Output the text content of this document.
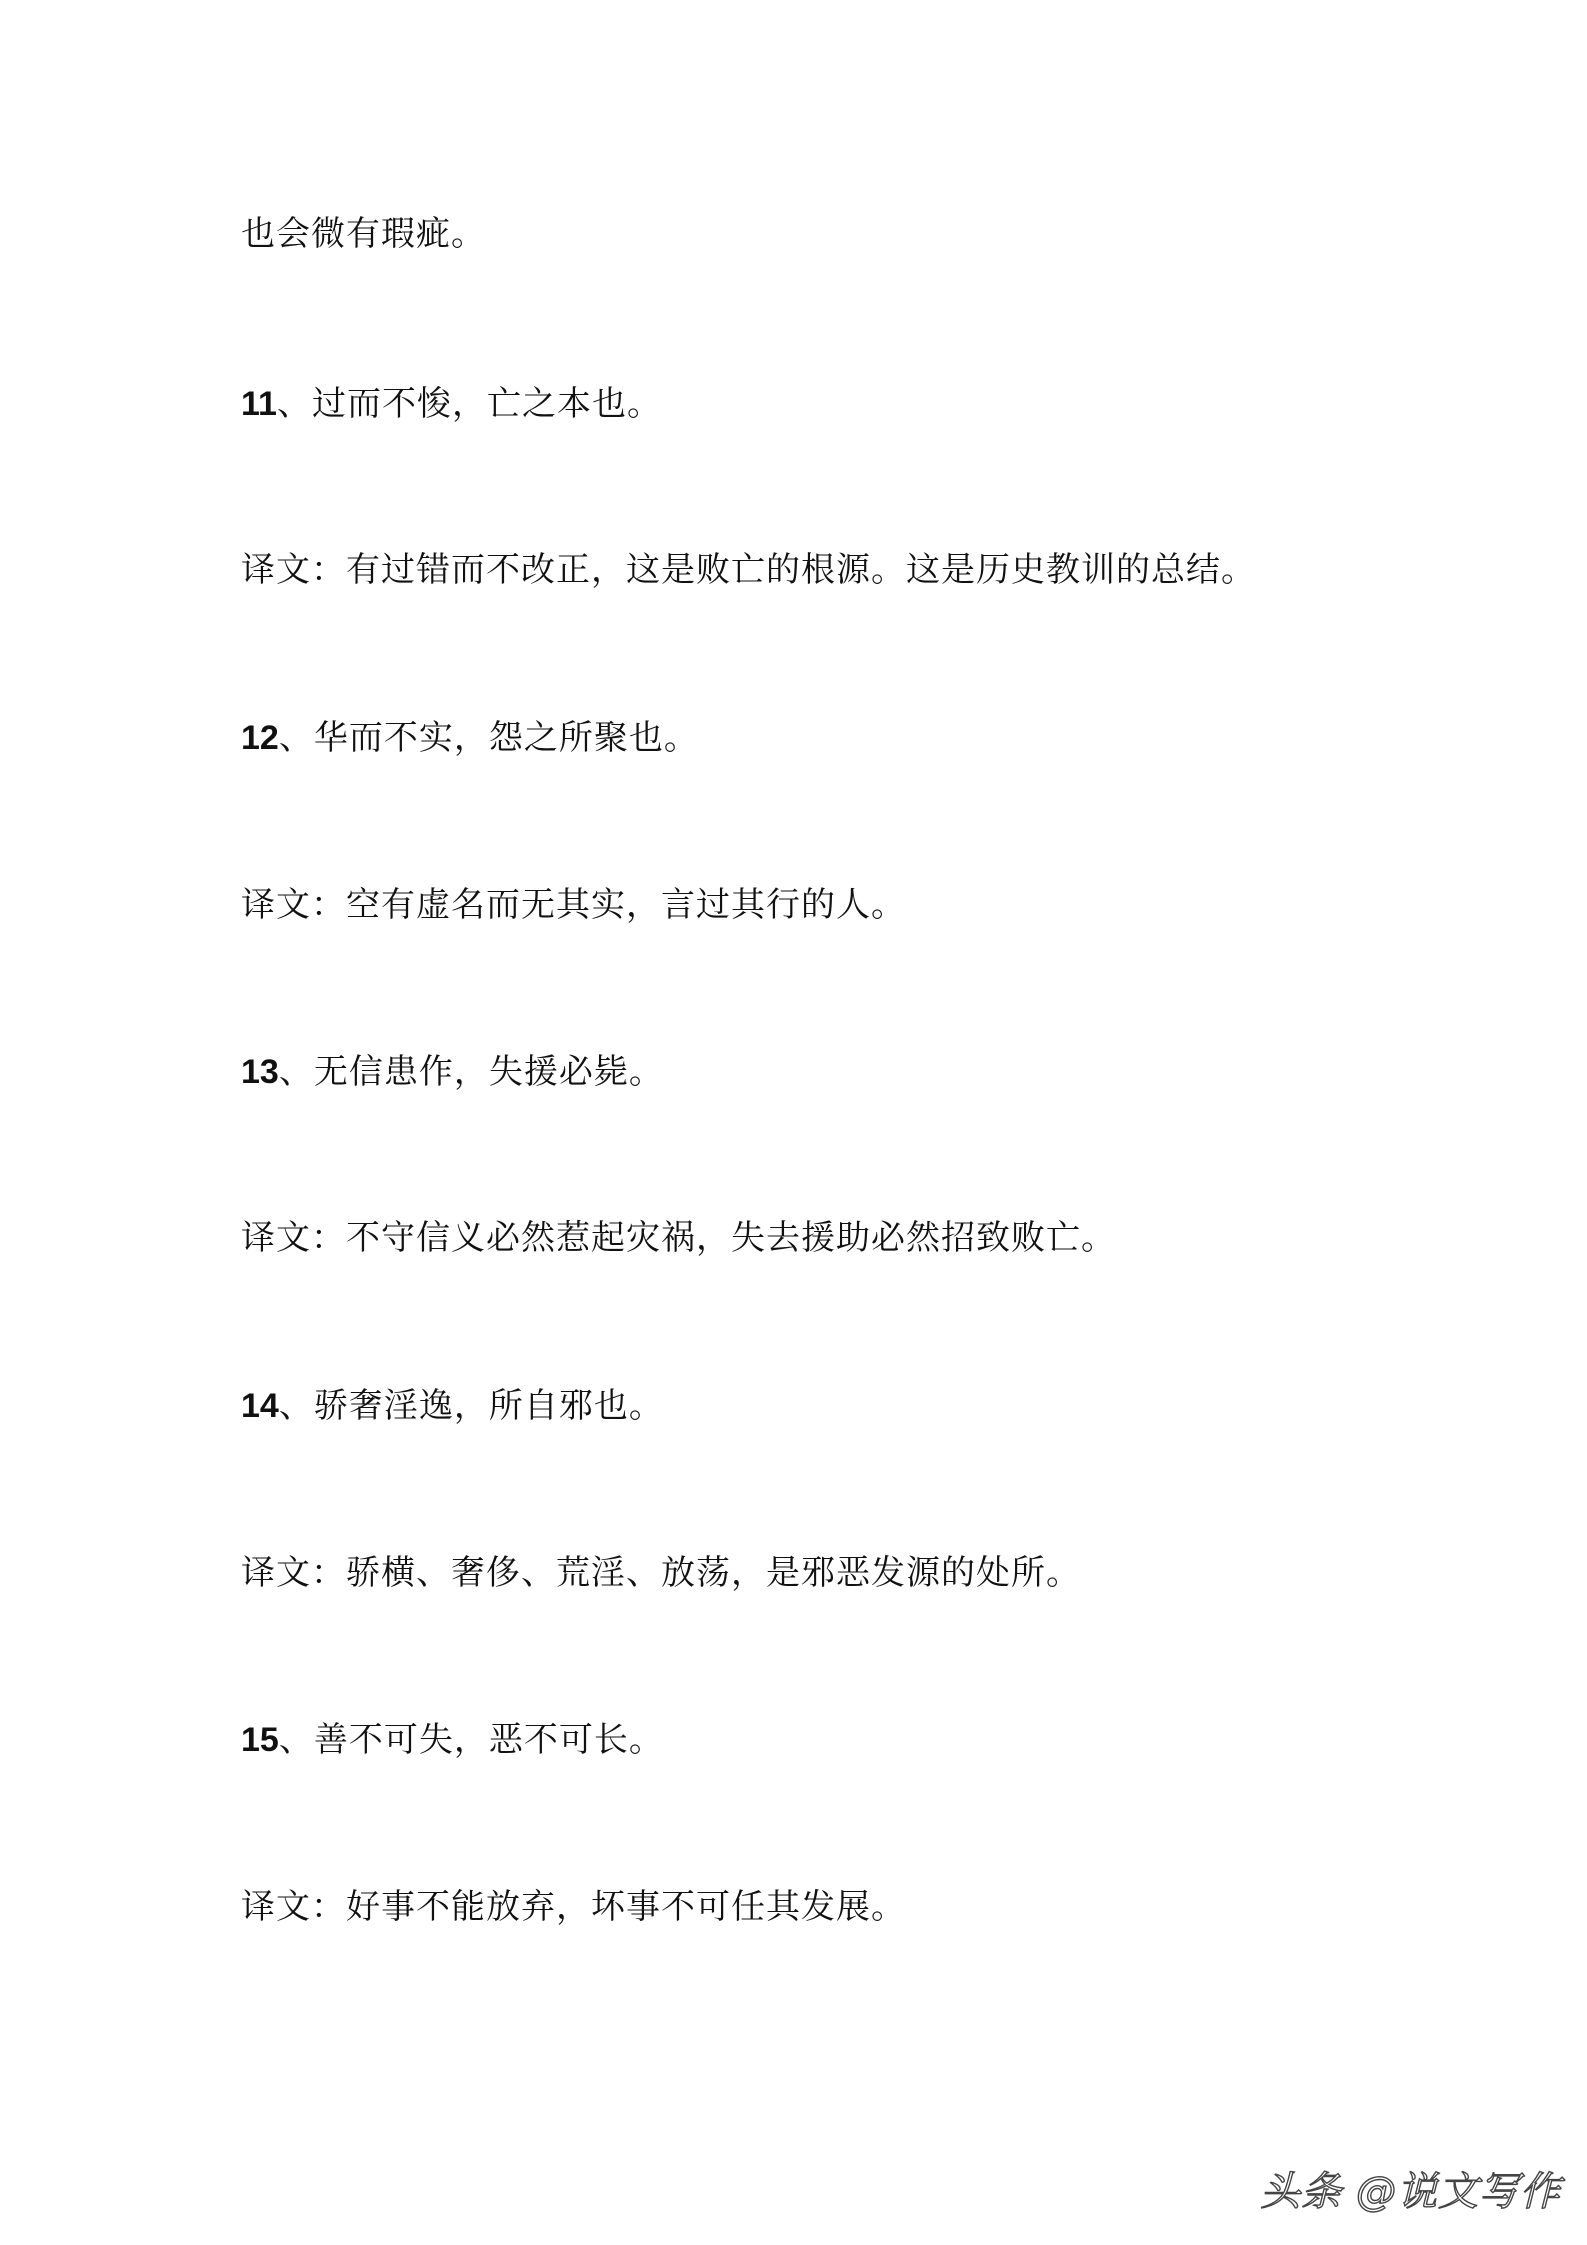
也会微有瑕疵。
11、过而不悛，亡之本也。
译文：有过错而不改正，这是败亡的根源。这是历史教训的总结。
12、华而不实，怨之所聚也。
译文：空有虚名而无其实，言过其行的人。
13、无信患作，失援必毙。
译文：不守信义必然惹起灾祸，失去援助必然招致败亡。
14、骄奢淫逸，所自邪也。
译文：骄横、奢侈、荒淫、放荡，是邪恶发源的处所。
15、善不可失，恶不可长。
译文：好事不能放弃，坏事不可任其发展。
头条 @说文写作
